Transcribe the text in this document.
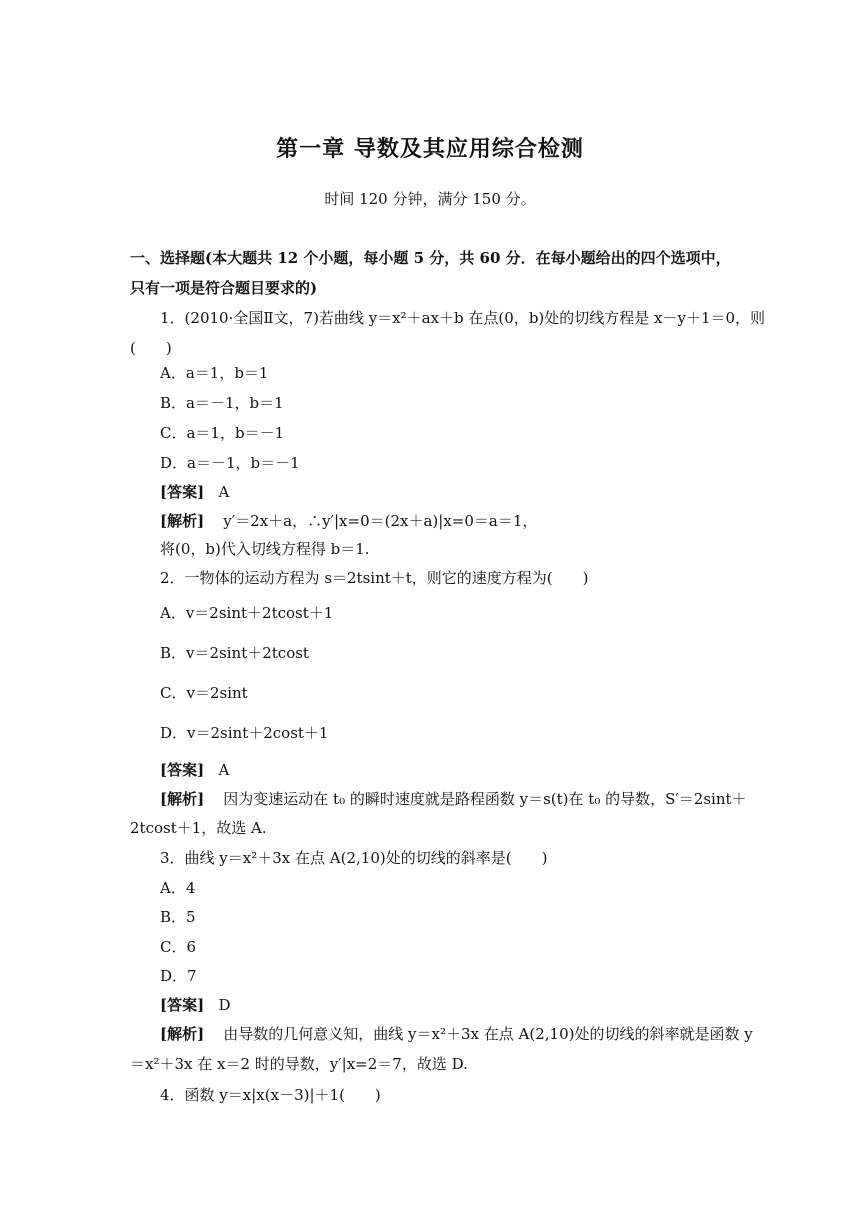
第一章 导数及其应用综合检测
时间 120 分钟，满分 150 分。
一、选择题(本大题共 12 个小题，每小题 5 分，共 60 分．在每小题给出的四个选项中，
只有一项是符合题目要求的)
1．(2010·全国Ⅱ文，7)若曲线 y＝x²＋ax＋b 在点(0，b)处的切线方程是 x－y＋1＝0，则
(　　)
A．a＝1，b＝1
B．a＝－1，b＝1
C．a＝1，b＝－1
D．a＝－1，b＝－1
[答案] A
[解析] y′＝2x＋a，∴y′|x=0＝(2x＋a)|x=0＝a＝1，
将(0，b)代入切线方程得 b＝1.
2．一物体的运动方程为 s＝2tsint＋t，则它的速度方程为(　　)
A．v＝2sint＋2tcost＋1
B．v＝2sint＋2tcost
C．v＝2sint
D．v＝2sint＋2cost＋1
[答案] A
[解析] 因为变速运动在 t₀ 的瞬时速度就是路程函数 y＝s(t)在 t₀ 的导数，S′＝2sint＋
2tcost＋1，故选 A.
3．曲线 y＝x²＋3x 在点 A(2,10)处的切线的斜率是(　　)
A．4
B．5
C．6
D．7
[答案] D
[解析] 由导数的几何意义知，曲线 y＝x²＋3x 在点 A(2,10)处的切线的斜率就是函数 y
＝x²＋3x 在 x＝2 时的导数，y′|x=2＝7，故选 D.
4．函数 y＝x|x(x－3)|＋1(　　)
